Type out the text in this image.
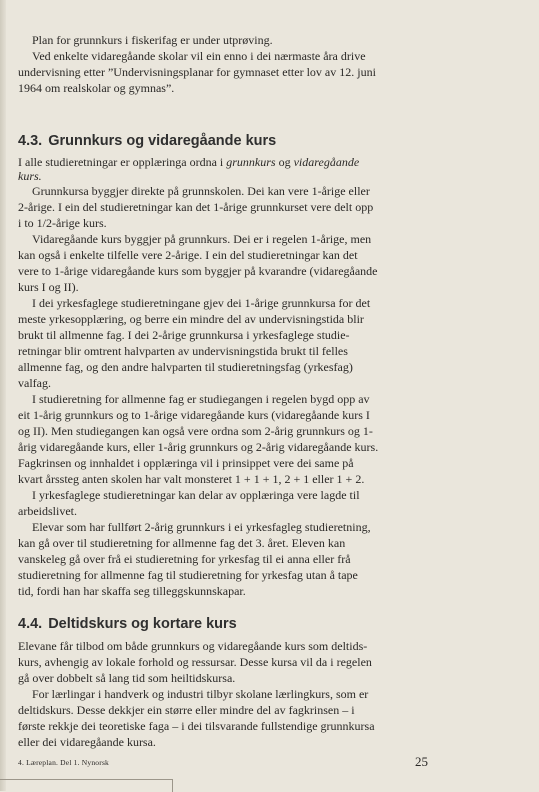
Plan for grunnkurs i fiskerifag er under utprøving.

Ved enkelte vidaregåande skolar vil ein enno i dei nærmaste åra drive

undervisning etter ”Undervisningsplanar for gymnaset etter lov av 12. juni

1964 om realskolar og gymnas”.

4.3. Grunnkurs og vidaregåande kurs

I alle studieretningar er opplæringa ordna i grunnkurs og vidaregåande

kurs.

Grunnkursa byggjer direkte på grunnskolen. Dei kan vere 1-årige eller

2-årige. I ein del studieretningar kan det 1-årige grunnkurset vere delt opp

i to 1/2-årige kurs.

Vidaregåande kurs byggjer på grunnkurs. Dei er i regelen 1-årige, men

kan også i enkelte tilfelle vere 2-årige. I ein del studieretningar kan det

vere to 1-årige vidaregåande kurs som byggjer på kvarandre (vidaregåande

kurs I og II).

I dei yrkesfaglege studieretningane gjev dei 1-årige grunnkursa for det

meste yrkesopplæring, og berre ein mindre del av undervisningstida blir

brukt til allmenne fag. I dei 2-årige grunnkursa i yrkesfaglege studie-

retningar blir omtrent halvparten av undervisningstida brukt til felles

allmenne fag, og den andre halvparten til studieretningsfag (yrkesfag)

valfag.

I studieretning for allmenne fag er studiegangen i regelen bygd opp av

eit 1-årig grunnkurs og to 1-årige vidaregåande kurs (vidaregåande kurs I

og II). Men studiegangen kan også vere ordna som 2-årig grunnkurs og 1-

årig vidaregåande kurs, eller 1-årig grunnkurs og 2-årig vidaregåande kurs.

Fagkrinsen og innhaldet i opplæringa vil i prinsippet vere dei same på

kvart årssteg anten skolen har valt monsteret 1 + 1 + 1, 2 + 1 eller 1 + 2.

I yrkesfaglege studieretningar kan delar av opplæringa vere lagde til

arbeidslivet.

Elevar som har fullført 2-årig grunnkurs i ei yrkesfagleg studieretning,

kan gå over til studieretning for allmenne fag det 3. året. Eleven kan

vanskeleg gå over frå ei studieretning for yrkesfag til ei anna eller frå

studieretning for allmenne fag til studieretning for yrkesfag utan å tape

tid, fordi han har skaffa seg tilleggskunnskapar.

4.4. Deltidskurs og kortare kurs

Elevane får tilbod om både grunnkurs og vidaregåande kurs som deltids-

kurs, avhengig av lokale forhold og ressursar. Desse kursa vil da i regelen

gå over dobbelt så lang tid som heiltidskursa.

For lærlingar i handverk og industri tilbyr skolane lærlingkurs, som er

deltidskurs. Desse dekkjer ein større eller mindre del av fagkrinsen – i

første rekkje dei teoretiske faga – i dei tilsvarande fullstendige grunnkursa

eller dei vidaregåande kursa.

4. Læreplan. Del 1. Nynorsk	25
